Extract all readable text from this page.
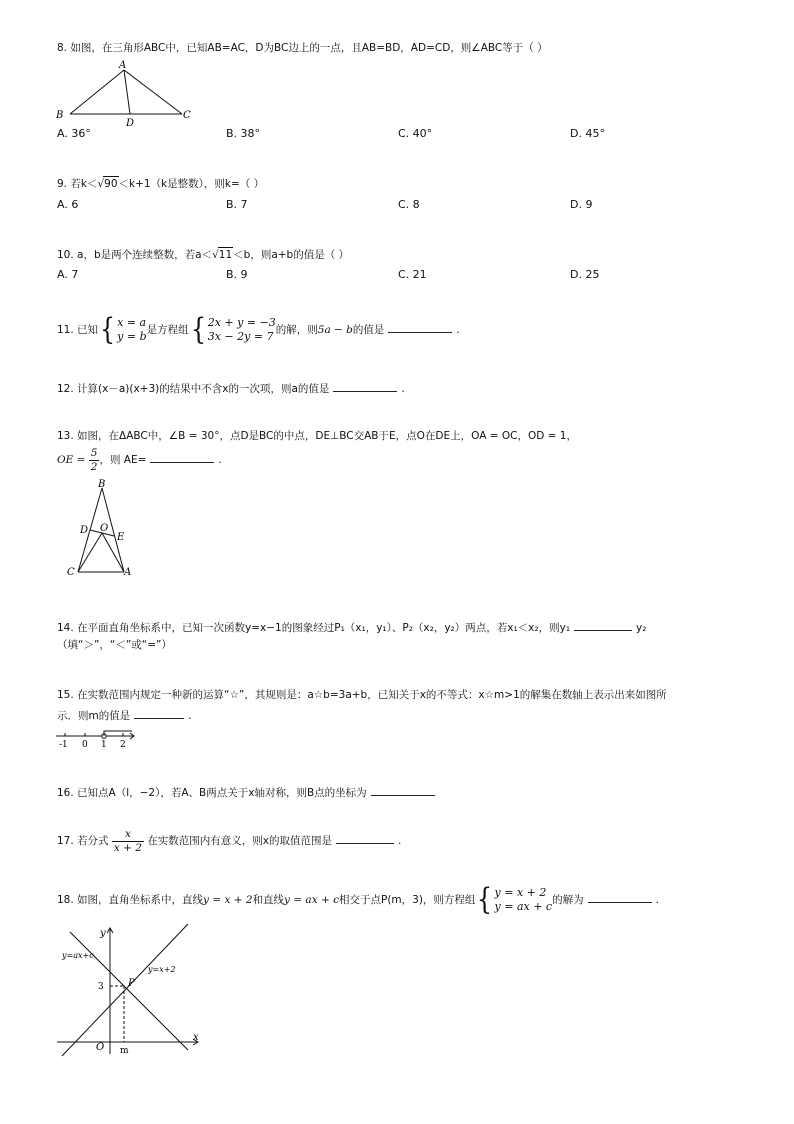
8. 如图，在三角形ABC中，已知AB=AC，D为BC边上的一点，且AB=BD，AD=CD，则∠ABC等于（ ）
A
B	C
D
A. 36°	B. 38°	C. 40°	D. 45°
9. 若k＜√90＜k+1（k是整数），则k=（ ）
A. 6	B. 7	C. 8	D. 9
10. a，b是两个连续整数，若a＜√11＜b，则a+b的值是（ ）
A. 7	B. 9	C. 21	D. 25
11. 已知{ x = a
y = b 是方程组{ 2x + y = −3
3x − 2y = 7 的解，则5a − b的值是	.
12. 计算(x－a)(x+3)的结果中不含x的一次项，则a的值是	.
13. 如图，在ΔABC中，∠B = 30°，点D是BC的中点，DE⊥BC交AB于E，点O在DE上，OA = OC，OD = 1，
OE = $\frac{5}{2}$ ，则 AE=	.
B
D O
E
C	A
14. 在平面直角坐标系中，已知一次函数y=x−1的图象经过P₁（x₁，y₁）、P₂（x₂，y₂）两点，若x₁＜x₂，则y₁	y₂
（填“＞”，“＜”或“=”）
15. 在实数范围内规定一种新的运算“☆”，其规则是：a☆b=3a+b，已知关于x的不等式：x☆m>1的解集在数轴上表示出来如图所
示．则m的值是	.
-1 0 1 2
16. 已知点A（l，−2），若A、B两点关于x轴对称，则B点的坐标为
17. 若分式 $\frac{x}{x + 2}$ 在实数范围内有意义，则x的取值范围是	.
18. 如图，直角坐标系中，直线y = x + 2和直线y = ax + c相交于点P(m，3)，则方程组{ y = x + 2
y = ax + c 的解为	.
y
x
O
P
3
m
y=ax+c
y=x+2
